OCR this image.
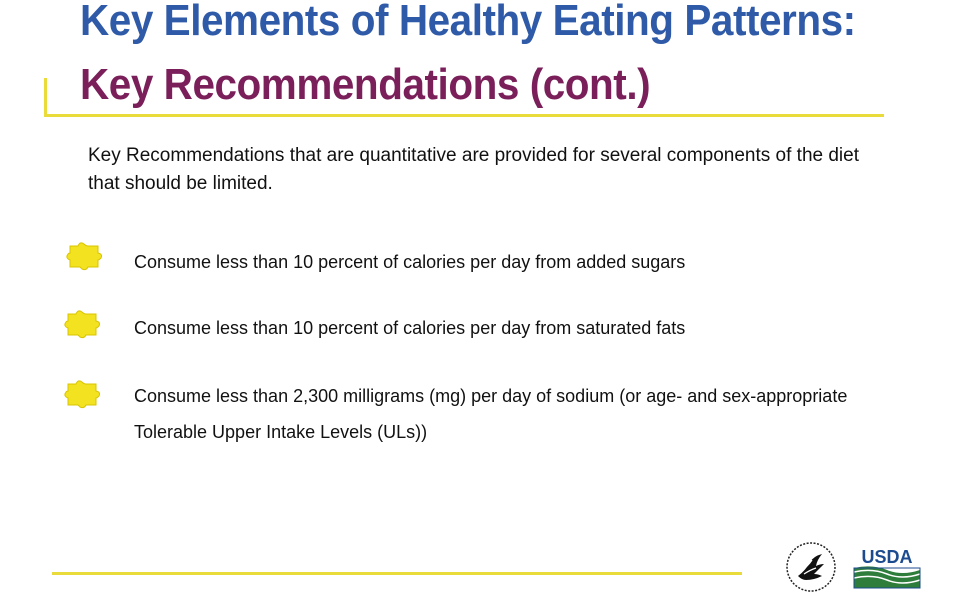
Key Elements of Healthy Eating Patterns:
Key Recommendations (cont.)
Key Recommendations that are quantitative are provided for several components of the diet that should be limited.
Consume less than 10 percent of calories per day from added sugars
Consume less than 10 percent of calories per day from saturated fats
Consume less than 2,300 milligrams (mg) per day of sodium (or age- and sex-appropriate Tolerable Upper Intake Levels (ULs))
USDA
